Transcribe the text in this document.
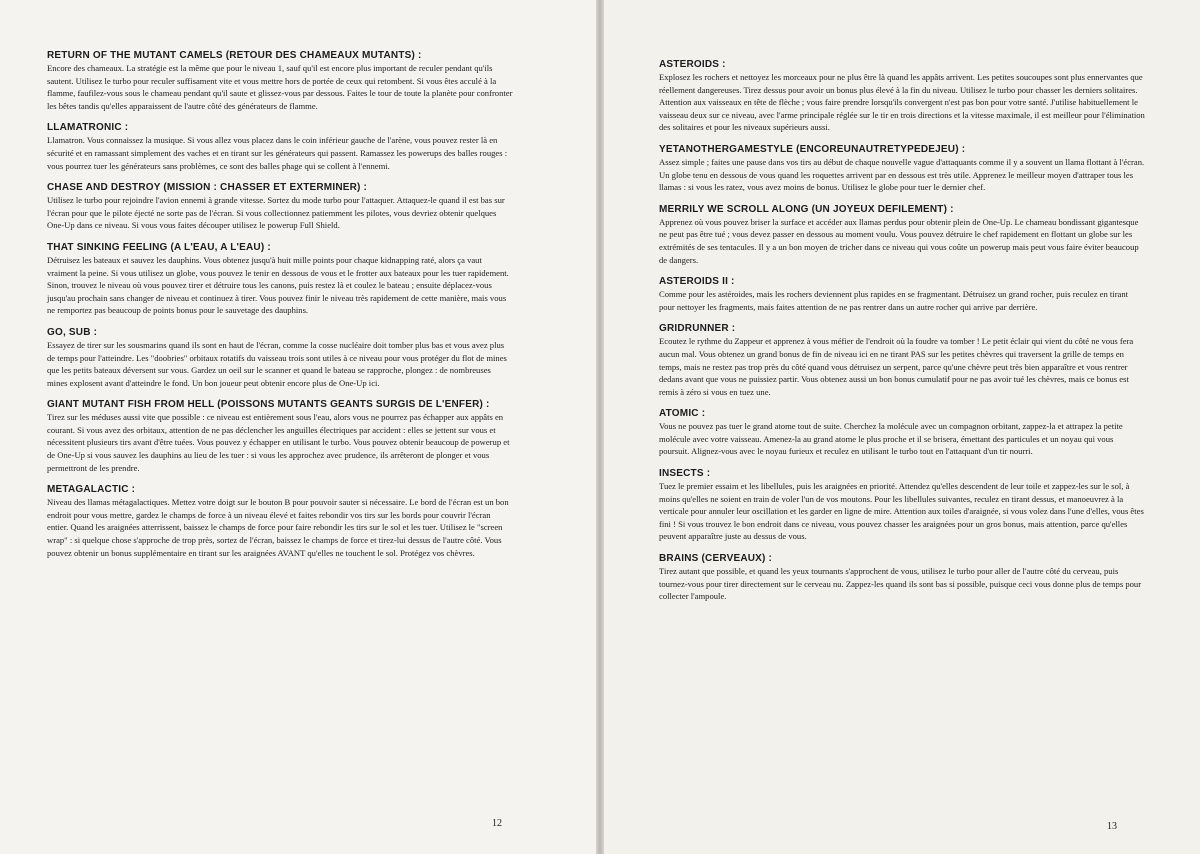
RETURN OF THE MUTANT CAMELS (RETOUR DES CHAMEAUX MUTANTS) :

Encore des chameaux. La stratégie est la même que pour le niveau 1, sauf qu'il est encore plus important de reculer pendant qu'ils sautent. Utilisez le turbo pour reculer suffisament vite et vous mettre hors de portée de ceux qui retombent. Si vous êtes acculé à la flamme, faufilez-vous sous le chameau pendant qu'il saute et glissez-vous par dessous. Faites le tour de toute la planète pour confronter les bêtes tandis qu'elles apparaissent de l'autre côté des générateurs de flamme.

LLAMATRONIC :

Llamatron. Vous connaissez la musique. Si vous allez vous placez dans le coin inférieur gauche de l'arène, vous pouvez rester là en sécurité et en ramassant simplement des vaches et en tirant sur les générateurs qui passent. Ramassez les powerups des balles rouges : vous pourrez tuer les générateurs sans problèmes, ce sont des balles phage qui se collent à l'ennemi.

CHASE AND DESTROY (MISSION : CHASSER ET EXTERMINER) :

Utilisez le turbo pour rejoindre l'avion ennemi à grande vitesse. Sortez du mode turbo pour l'attaquer. Attaquez-le quand il est bas sur l'écran pour que le pilote éjecté ne sorte pas de l'écran. Si vous collectionnez patiemment les pilotes, vous devriez obtenir quelques One-Up dans ce niveau. Si vous vous faites découper utilisez le powerup Full Shield.

THAT SINKING FEELING (A L'EAU, A L'EAU) :

Détruisez les bateaux et sauvez les dauphins. Vous obtenez jusqu'à huit mille points pour chaque kidnapping raté, alors ça vaut vraiment la peine. Si vous utilisez un globe, vous pouvez le tenir en dessous de vous et le frotter aux bateaux pour les tuer rapidement. Sinon, trouvez le niveau où vous pouvez tirer et détruire tous les canons, puis restez là et coulez le bateau ; ensuite déplacez-vous jusqu'au prochain sans changer de niveau et continuez à tirer. Vous pouvez finir le niveau très rapidement de cette manière, mais vous ne remportez pas beaucoup de points bonus pour le sauvetage des dauphins.

GO, SUB :

Essayez de tirer sur les sousmarins quand ils sont en haut de l'écran, comme la cosse nucléaire doit tomber plus bas et vous avez plus de temps pour l'atteindre. Les "doobries" orbitaux rotatifs du vaisseau trois sont utiles à ce niveau pour vous protéger du flot de mines que les petits bateaux déversent sur vous. Gardez un oeil sur le scanner et quand le bateau se rapproche, plongez : de nombreuses mines explosent avant d'atteindre le fond. Un bon joueur peut obtenir encore plus de One-Up ici.

GIANT MUTANT FISH FROM HELL (POISSONS MUTANTS GEANTS SURGIS DE L'ENFER) :

Tirez sur les méduses aussi vite que possible : ce niveau est entièrement sous l'eau, alors vous ne pourrez pas échapper aux appâts en courant. Si vous avez des orbitaux, attention de ne pas déclencher les anguilles électriques par accident : elles se jettent sur vous et nécessitent plusieurs tirs avant d'être tuées. Vous pouvez y échapper en utilisant le turbo. Vous pouvez obtenir beaucoup de powerup et de One-Up si vous sauvez les dauphins au lieu de les tuer : si vous les approchez avec prudence, ils arrêteront de plonger et vous permettront de les prendre.

METAGALACTIC :

Niveau des llamas métagalactiques. Mettez votre doigt sur le bouton B pour pouvoir sauter si nécessaire. Le bord de l'écran est un bon endroit pour vous mettre, gardez le champs de force à un niveau élevé et faites rebondir vos tirs sur les bords pour couvrir l'écran entier. Quand les araignées atterrissent, baissez le champs de force pour faire rebondir les tirs sur le sol et les tuer. Utilisez le "screen wrap" : si quelque chose s'approche de trop près, sortez de l'écran, baissez le champs de force et tirez-lui dessus de l'autre côté. Vous pouvez obtenir un bonus supplémentaire en tirant sur les araignées AVANT qu'elles ne touchent le sol. Protégez vos chèvres.

12

ASTEROIDS :

Explosez les rochers et nettoyez les morceaux pour ne plus être là quand les appâts arrivent. Les petites soucoupes sont plus ennervantes que réellement dangereuses. Tirez dessus pour avoir un bonus plus élevé à la fin du niveau. Utilisez le turbo pour chasser les derniers solitaires. Attention aux vaisseaux en tête de flèche ; vous faire prendre lorsqu'ils convergent n'est pas bon pour votre santé. J'utilise habituellement le vaisseau deux sur ce niveau, avec l'arme principale réglée sur le tir en trois directions et la vitesse maximale, il est meilleur pour l'élimination des solitaires et pour les niveaux supérieurs aussi.

YETANOTHERGAMESTYLE (ENCOREUNAUTRETYPEDEJEU) :

Assez simple ; faites une pause dans vos tirs au début de chaque nouvelle vague d'attaquants comme il y a souvent un llama flottant à l'écran. Un globe tenu en dessous de vous quand les roquettes arrivent par en dessous est très utile. Apprenez le meilleur moyen d'attraper tous les llamas : si vous les ratez, vous avez moins de bonus. Utilisez le globe pour tuer le dernier chef.

MERRILY WE SCROLL ALONG (UN JOYEUX DEFILEMENT) :

Apprenez où vous pouvez briser la surface et accéder aux llamas perdus pour obtenir plein de One-Up. Le chameau bondissant gigantesque ne peut pas être tué ; vous devez passer en dessous au moment voulu. Vous pouvez détruire le chef rapidement en flottant un globe sur les extrémités de ses tentacules. Il y a un bon moyen de tricher dans ce niveau qui vous coûte un powerup mais peut vous faire éviter beaucoup de dangers.

ASTEROIDS II :

Comme pour les astéroides, mais les rochers deviennent plus rapides en se fragmentant. Détruisez un grand rocher, puis reculez en tirant pour nettoyer les fragments, mais faites attention de ne pas rentrer dans un autre rocher qui arrive par derrière.

GRIDRUNNER :

Ecoutez le rythme du Zappeur et apprenez à vous méfier de l'endroit où la foudre va tomber ! Le petit éclair qui vient du côté ne vous fera aucun mal. Vous obtenez un grand bonus de fin de niveau ici en ne tirant PAS sur les petites chèvres qui traversent la grille de temps en temps, mais ne restez pas trop près du côté quand vous détruisez un serpent, parce qu'une chèvre peut très bien apparaître et vous rentrer dedans avant que vous ne puissiez partir. Vous obtenez aussi un bon bonus cumulatif pour ne pas avoir tué les chèvres, mais ce bonus est remis à zéro si vous en tuez une.

ATOMIC :

Vous ne pouvez pas tuer le grand atome tout de suite. Cherchez la molécule avec un compagnon orbitant, zappez-la et attrapez la petite molécule avec votre vaisseau. Amenez-la au grand atome le plus proche et il se brisera, émettant des particules et un noyau qui vous poursuit. Alignez-vous avec le noyau furieux et reculez en utilisant le turbo tout en l'attaquant d'un tir nourri.

INSECTS :

Tuez le premier essaim et les libellules, puis les araignées en priorité. Attendez qu'elles descendent de leur toile et zappez-les sur le sol, à moins qu'elles ne soient en train de voler l'un de vos moutons. Pour les libellules suivantes, reculez en tirant dessus, et manoeuvrez à la verticale pour annuler leur oscillation et les garder en ligne de mire. Attention aux toiles d'araignée, si vous volez dans l'une d'elles, vous êtes fini ! Si vous trouvez le bon endroit dans ce niveau, vous pouvez chasser les araignées pour un gros bonus, mais attention, parce qu'elles peuvent apparaître juste au dessus de vous.

BRAINS (CERVEAUX) :

Tirez autant que possible, et quand les yeux tournants s'approchent de vous, utilisez le turbo pour aller de l'autre côté du cerveau, puis tournez-vous pour tirer directement sur le cerveau nu. Zappez-les quand ils sont bas si possible, puisque ceci vous donne plus de temps pour collecter l'ampoule.

13
